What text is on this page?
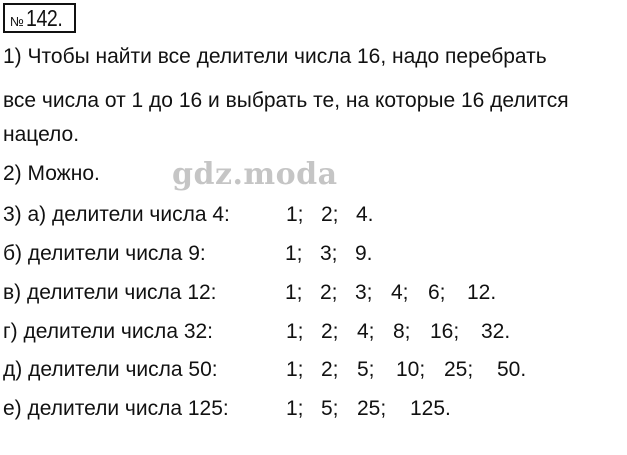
№ 142.
1) Чтобы найти все делители числа 16, надо перебрать
все числа от 1 до 16 и выбрать те, на которые 16 делится
нацело.
2) Можно. gdz.moda
3) а) делители числа 4:	1; 2; 4.
б) делители числа 9:	1; 3; 9.
в) делители числа 12:	1; 2; 3; 4; 6; 12.
г) делители числа 32:	1; 2; 4; 8; 16; 32.
д) делители числа 50:	1; 2; 5; 10; 25; 50.
е) делители числа 125:	1; 5; 25; 125.
